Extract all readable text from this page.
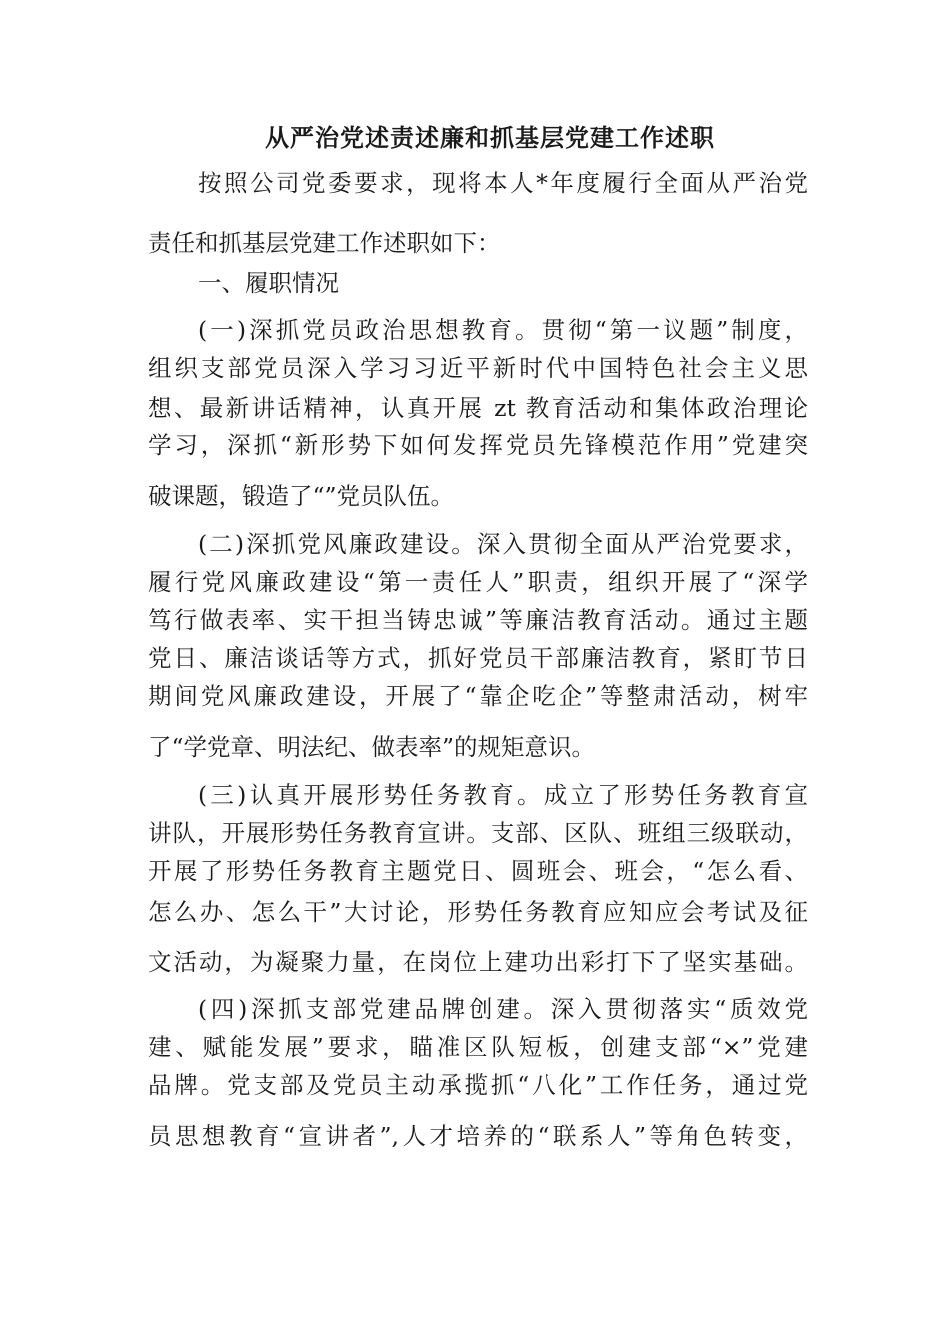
从严治党述责述廉和抓基层党建工作述职
按照公司党委要求，现将本人*年度履行全面从严治党
责任和抓基层党建工作述职如下：
一、履职情况
(一)深抓党员政治思想教育。贯彻“第一议题”制度，
组织支部党员深入学习习近平新时代中国特色社会主义思
想、最新讲话精神，认真开展 zt 教育活动和集体政治理论
学习，深抓“新形势下如何发挥党员先锋模范作用”党建突
破课题，锻造了“”党员队伍。
(二)深抓党风廉政建设。深入贯彻全面从严治党要求，
履行党风廉政建设“第一责任人”职责，组织开展了“深学
笃行做表率、实干担当铸忠诚”等廉洁教育活动。通过主题
党日、廉洁谈话等方式，抓好党员干部廉洁教育，紧盯节日
期间党风廉政建设，开展了“靠企吃企”等整肃活动，树牢
了“学党章、明法纪、做表率”的规矩意识。
(三)认真开展形势任务教育。成立了形势任务教育宣
讲队，开展形势任务教育宣讲。支部、区队、班组三级联动，
开展了形势任务教育主题党日、圆班会、班会，“怎么看、
怎么办、怎么干”大讨论，形势任务教育应知应会考试及征
文活动，为凝聚力量，在岗位上建功出彩打下了坚实基础。
(四)深抓支部党建品牌创建。深入贯彻落实“质效党
建、赋能发展”要求，瞄准区队短板，创建支部“×”党建
品牌。党支部及党员主动承揽抓“八化”工作任务，通过党
员思想教育“宣讲者”,人才培养的“联系人”等角色转变，
